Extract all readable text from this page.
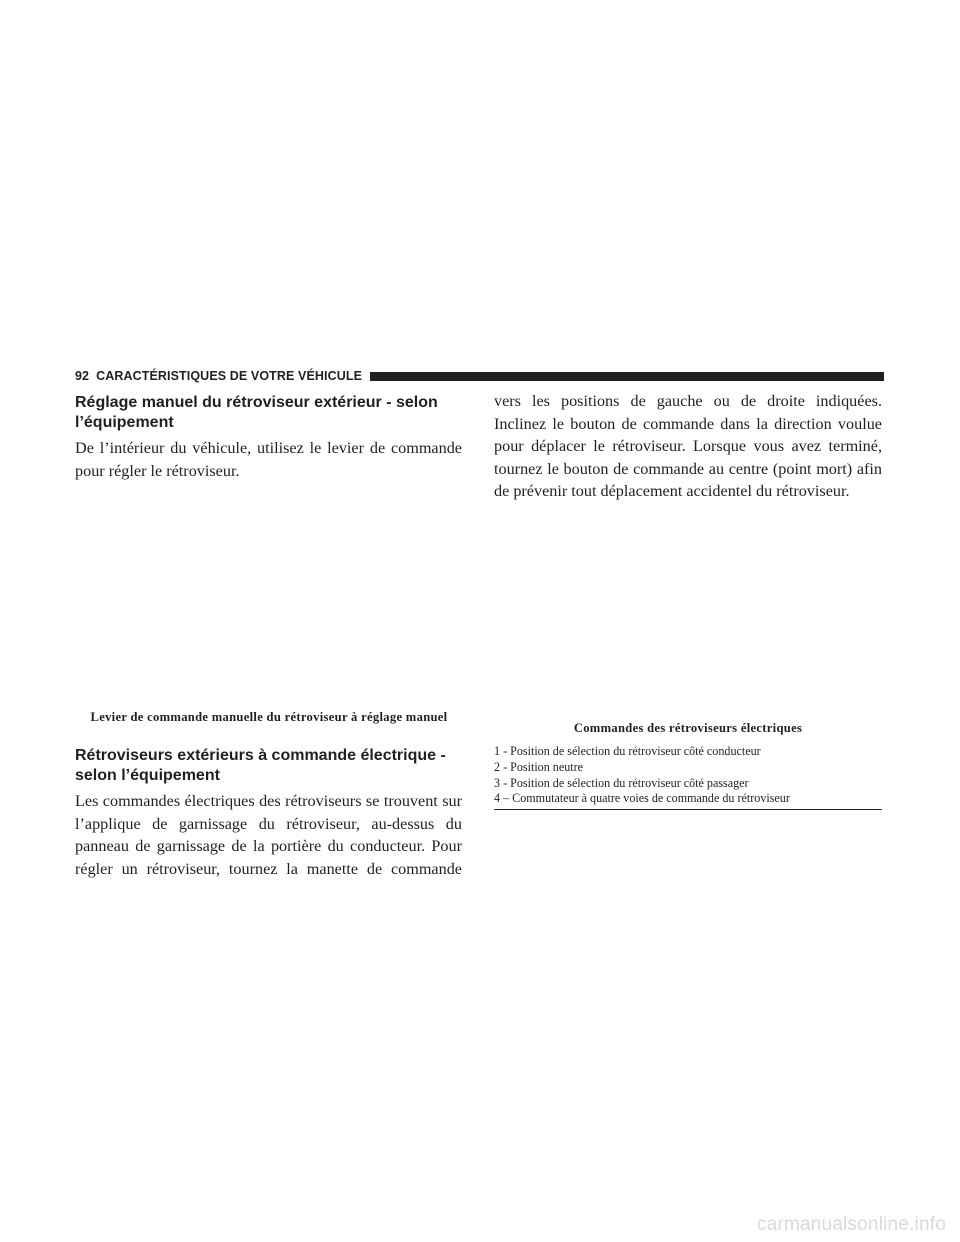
92 CARACTÉRISTIQUES DE VOTRE VÉHICULE

Réglage manuel du rétroviseur extérieur - selon

l’équipement

De l’intérieur du véhicule, utilisez le levier de commande pour régler le rétroviseur.

Levier de commande manuelle du rétroviseur à réglage manuel

Rétroviseurs extérieurs à commande électrique -

selon l’équipement

Les commandes électriques des rétroviseurs se trouvent sur l’applique de garnissage du rétroviseur, au-dessus du panneau de garnissage de la portière du conducteur. Pour régler un rétroviseur, tournez la manette de commande

vers les positions de gauche ou de droite indiquées. Inclinez le bouton de commande dans la direction voulue pour déplacer le rétroviseur. Lorsque vous avez terminé, tournez le bouton de commande au centre (point mort) afin de prévenir tout déplacement accidentel du rétroviseur.

Commandes des rétroviseurs électriques
1 - Position de sélection du rétroviseur côté conducteur
2 - Position neutre
3 - Position de sélection du rétroviseur côté passager
4 – Commutateur à quatre voies de commande du rétroviseur
carmanualsonline.info
